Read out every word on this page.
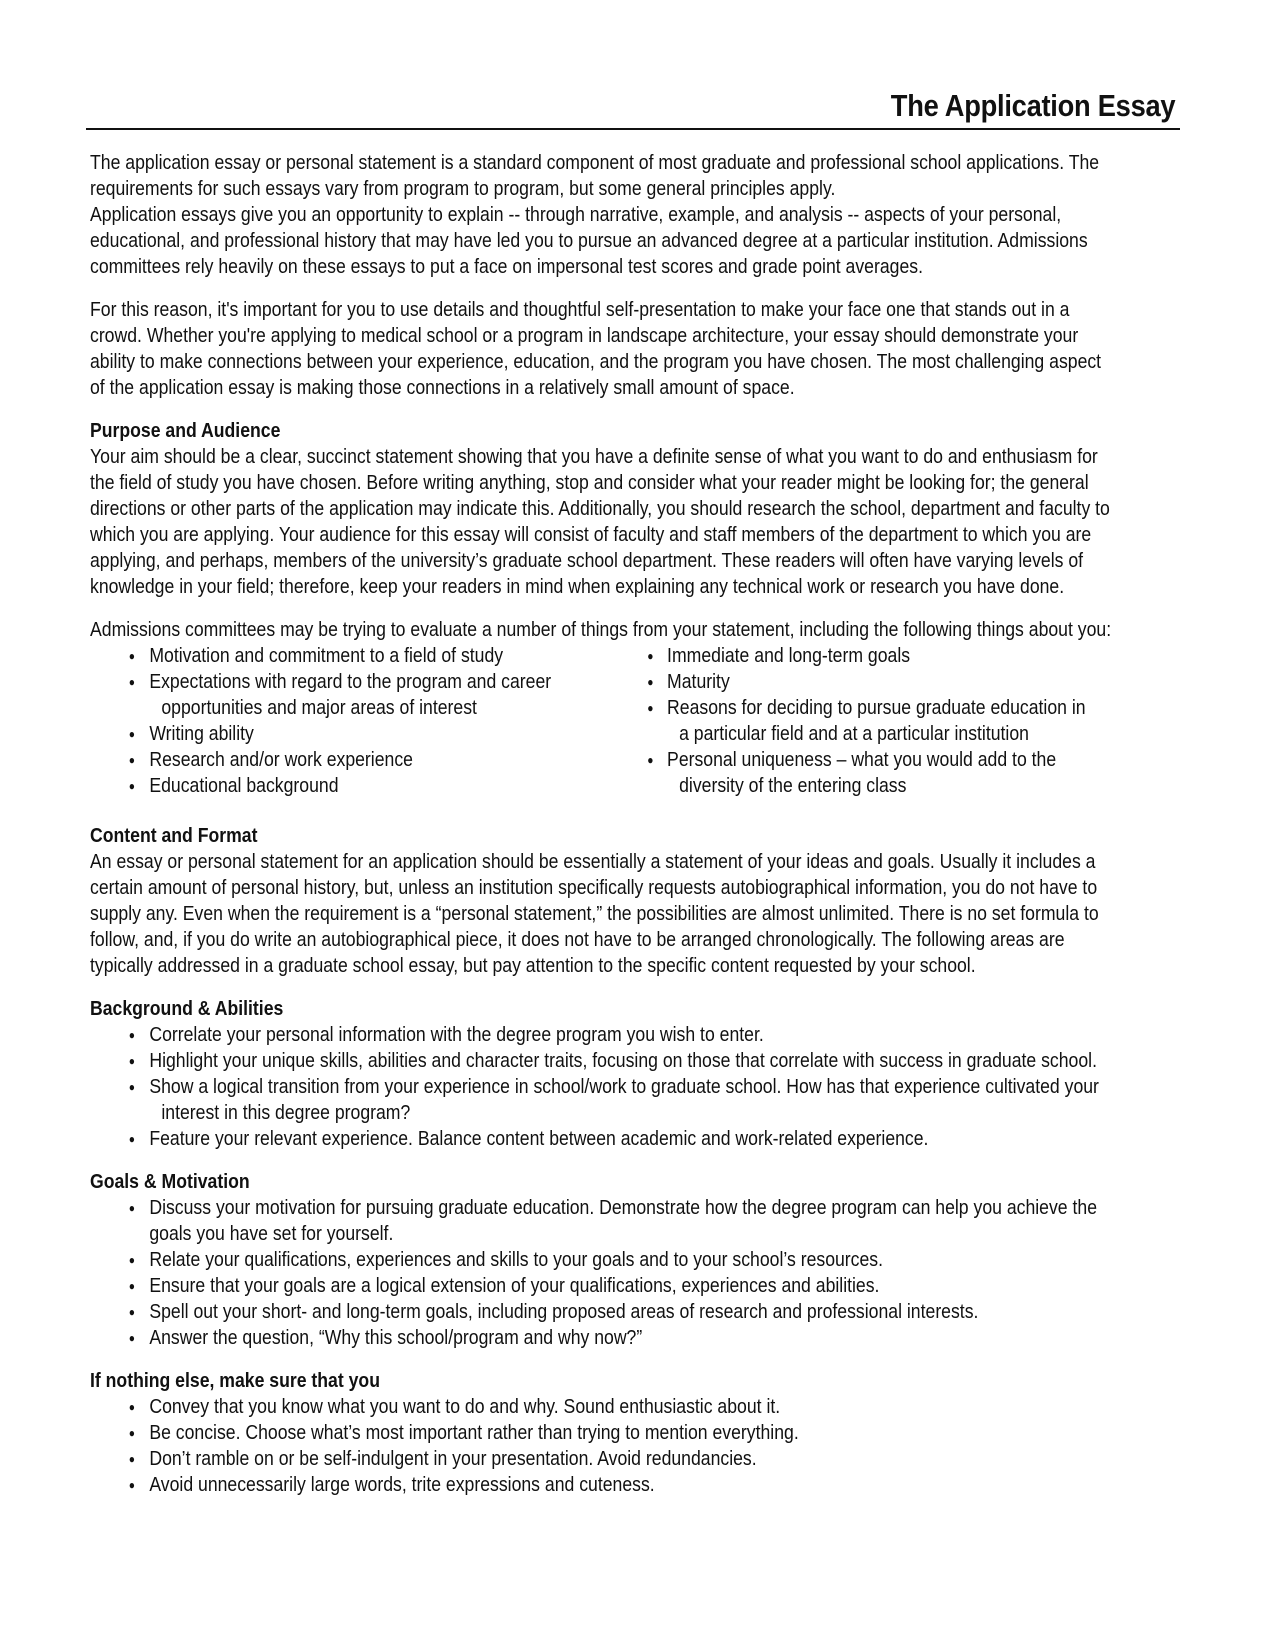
The Application Essay

The application essay or personal statement is a standard component of most graduate and professional school applications. The
requirements for such essays vary from program to program, but some general principles apply.
Application essays give you an opportunity to explain -- through narrative, example, and analysis -- aspects of your personal,
educational, and professional history that may have led you to pursue an advanced degree at a particular institution. Admissions
committees rely heavily on these essays to put a face on impersonal test scores and grade point averages.

For this reason, it's important for you to use details and thoughtful self-presentation to make your face one that stands out in a
crowd. Whether you're applying to medical school or a program in landscape architecture, your essay should demonstrate your
ability to make connections between your experience, education, and the program you have chosen. The most challenging aspect
of the application essay is making those connections in a relatively small amount of space.

Purpose and Audience

Your aim should be a clear, succinct statement showing that you have a definite sense of what you want to do and enthusiasm for
the field of study you have chosen. Before writing anything, stop and consider what your reader might be looking for; the general
directions or other parts of the application may indicate this. Additionally, you should research the school, department and faculty to
which you are applying. Your audience for this essay will consist of faculty and staff members of the department to which you are
applying, and perhaps, members of the university’s graduate school department. These readers will often have varying levels of
knowledge in your field; therefore, keep your readers in mind when explaining any technical work or research you have done.

Admissions committees may be trying to evaluate a number of things from your statement, including the following things about you:

● Motivation and commitment to a field of study
● Expectations with regard to the program and career
opportunities and major areas of interest
● Writing ability
● Research and/or work experience
● Educational background
● Immediate and long-term goals
● Maturity
● Reasons for deciding to pursue graduate education in
a particular field and at a particular institution
● Personal uniqueness – what you would add to the
diversity of the entering class

Content and Format

An essay or personal statement for an application should be essentially a statement of your ideas and goals. Usually it includes a
certain amount of personal history, but, unless an institution specifically requests autobiographical information, you do not have to
supply any. Even when the requirement is a “personal statement,” the possibilities are almost unlimited. There is no set formula to
follow, and, if you do write an autobiographical piece, it does not have to be arranged chronologically. The following areas are
typically addressed in a graduate school essay, but pay attention to the specific content requested by your school.

Background & Abilities

● Correlate your personal information with the degree program you wish to enter.
● Highlight your unique skills, abilities and character traits, focusing on those that correlate with success in graduate school.
● Show a logical transition from your experience in school/work to graduate school. How has that experience cultivated your
interest in this degree program?
● Feature your relevant experience. Balance content between academic and work-related experience.

Goals & Motivation

● Discuss your motivation for pursuing graduate education. Demonstrate how the degree program can help you achieve the
goals you have set for yourself.
● Relate your qualifications, experiences and skills to your goals and to your school’s resources.
● Ensure that your goals are a logical extension of your qualifications, experiences and abilities.
● Spell out your short- and long-term goals, including proposed areas of research and professional interests.
● Answer the question, “Why this school/program and why now?”

If nothing else, make sure that you

● Convey that you know what you want to do and why. Sound enthusiastic about it.
● Be concise. Choose what’s most important rather than trying to mention everything.
● Don’t ramble on or be self-indulgent in your presentation. Avoid redundancies.
● Avoid unnecessarily large words, trite expressions and cuteness.
